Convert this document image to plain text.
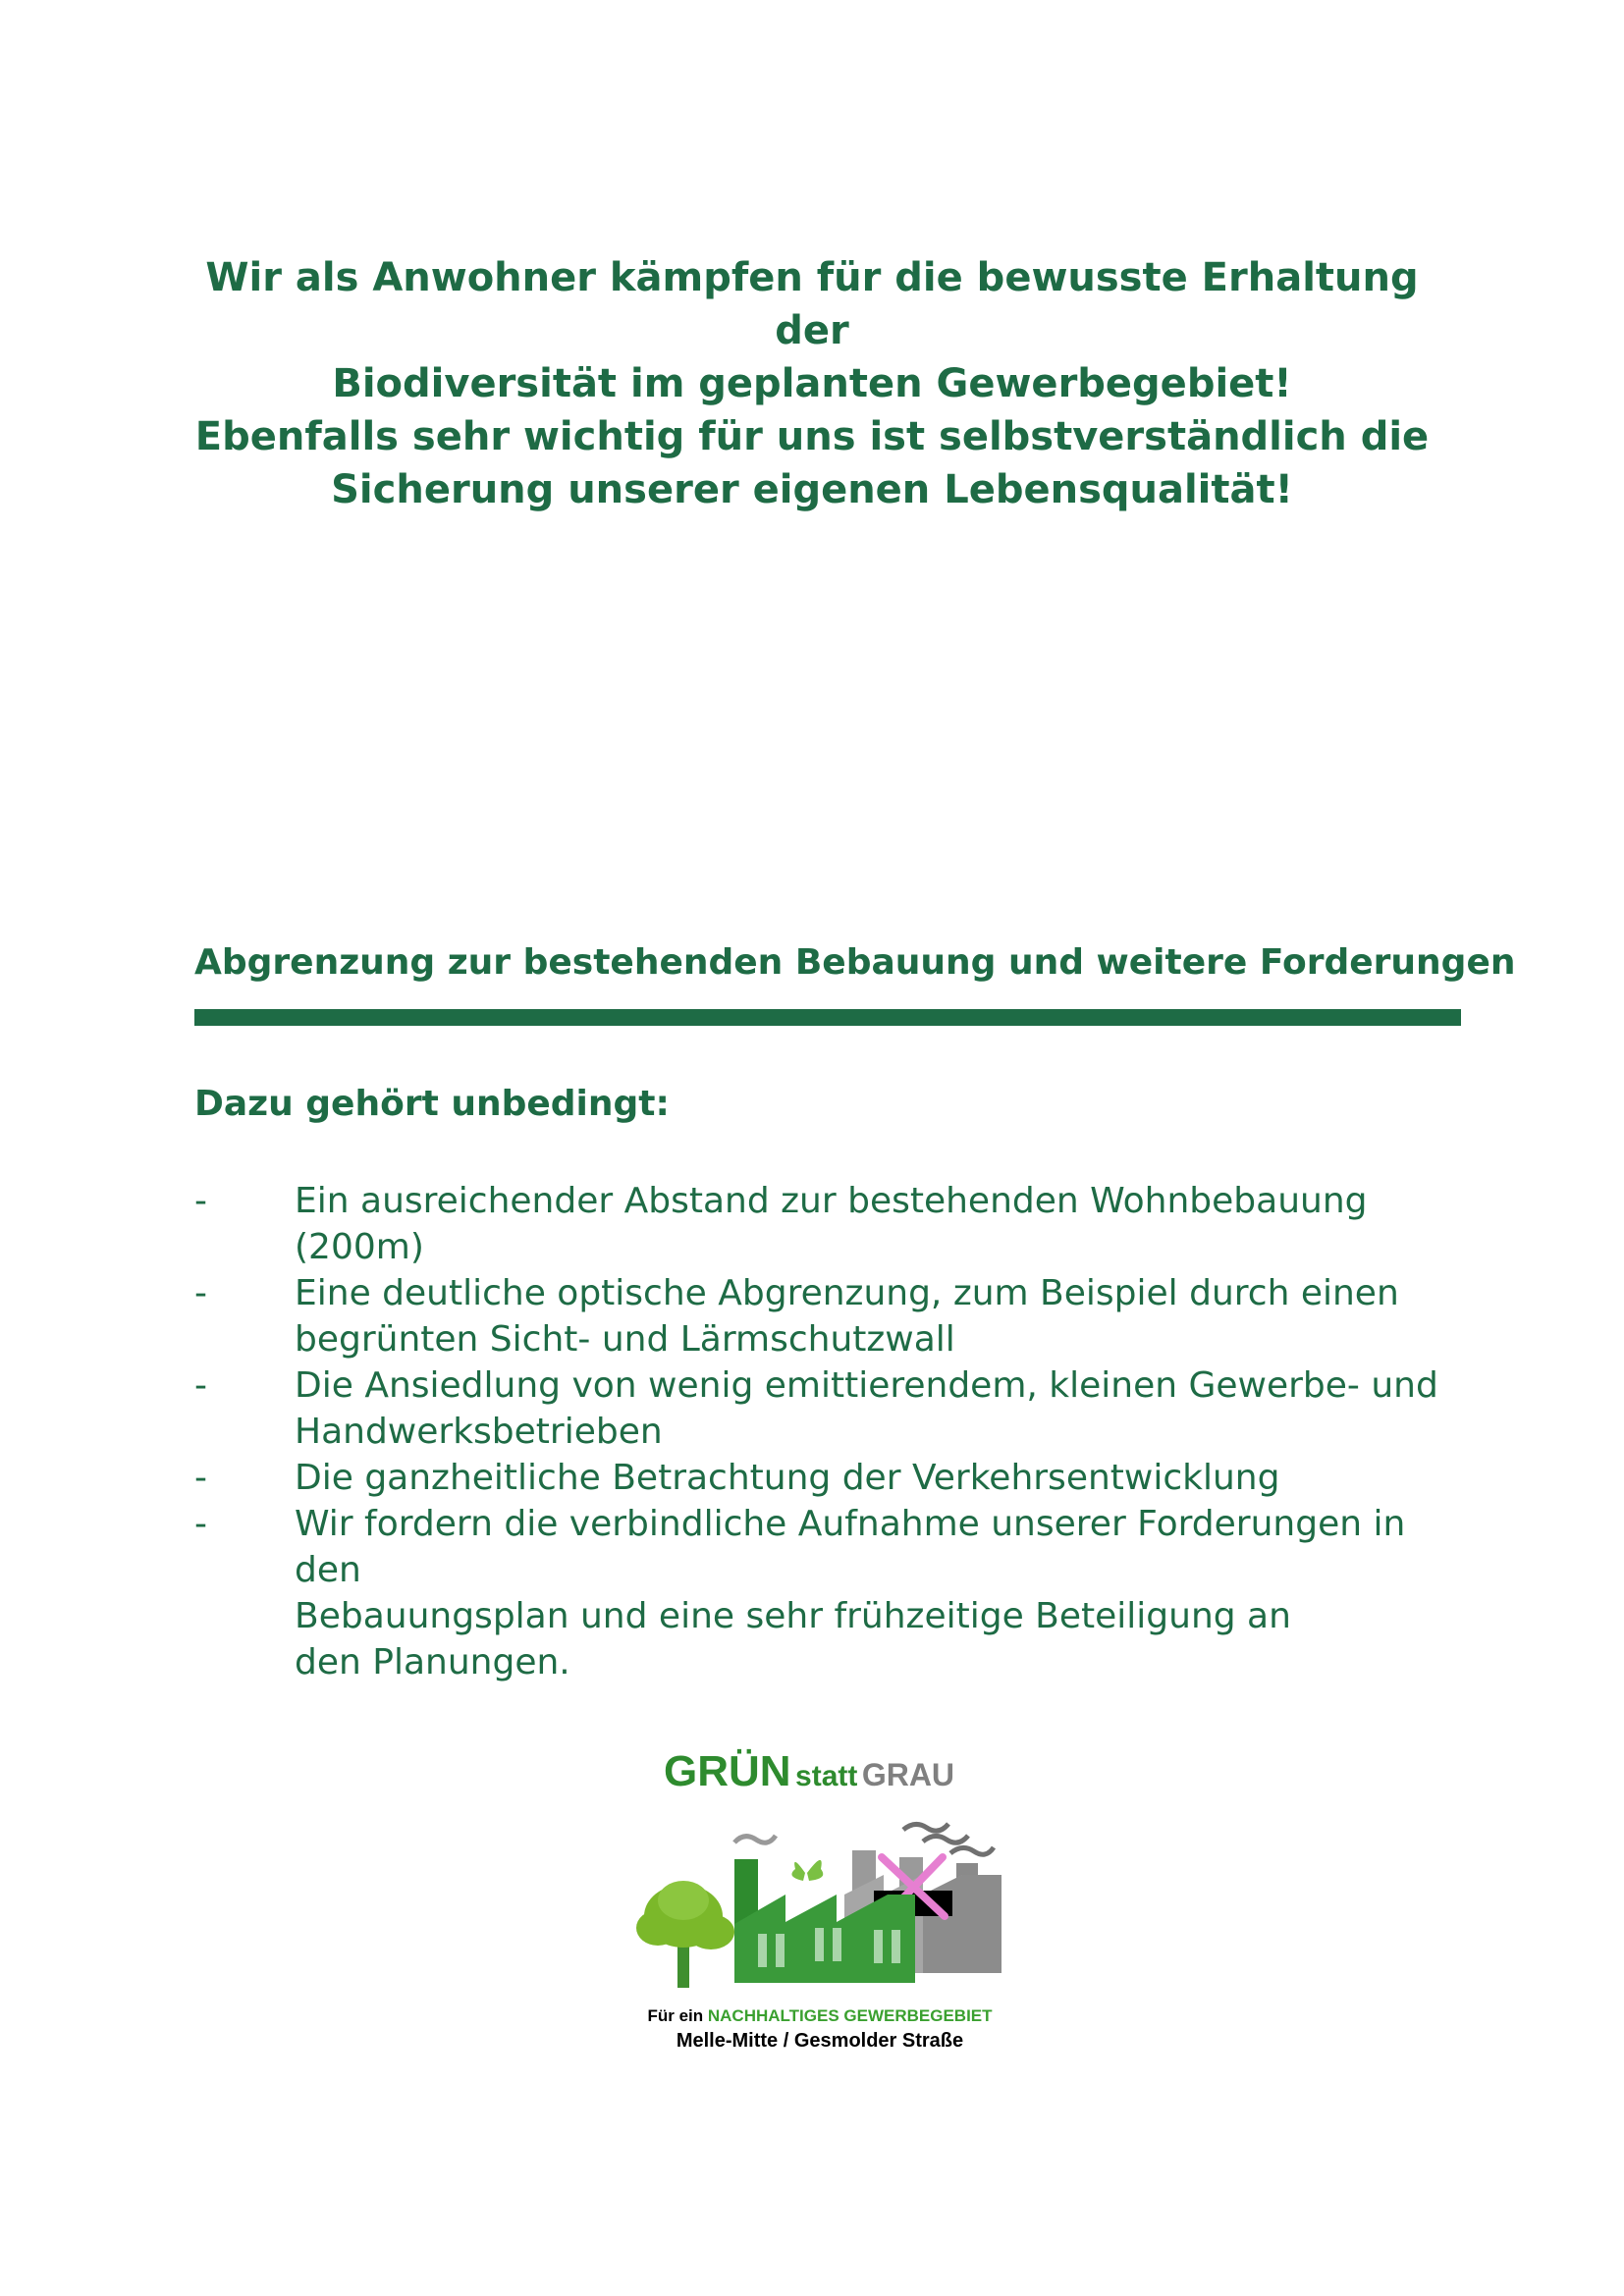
Wir als Anwohner kämpfen für die bewusste Erhaltung der
Biodiversität im geplanten Gewerbegebiet!
Ebenfalls sehr wichtig für uns ist selbstverständlich die
Sicherung unserer eigenen Lebensqualität!
Abgrenzung zur bestehenden Bebauung und weitere Forderungen

Dazu gehört unbedingt:

-	Ein ausreichender Abstand zur bestehenden Wohnbebauung (200m)
-	Eine deutliche optische Abgrenzung, zum Beispiel durch einen
begrünten Sicht- und Lärmschutzwall
-	Die Ansiedlung von wenig emittierendem, kleinen Gewerbe- und
Handwerksbetrieben
-	Die ganzheitliche Betrachtung der Verkehrsentwicklung
-	Wir fordern die verbindliche Aufnahme unserer Forderungen in den
Bebauungsplan und eine sehr frühzeitige Beteiligung an
den Planungen.
GRÜN statt GRAU
Für ein NACHHALTIGES GEWERBEGEBIET
Melle-Mitte / Gesmolder Straße
